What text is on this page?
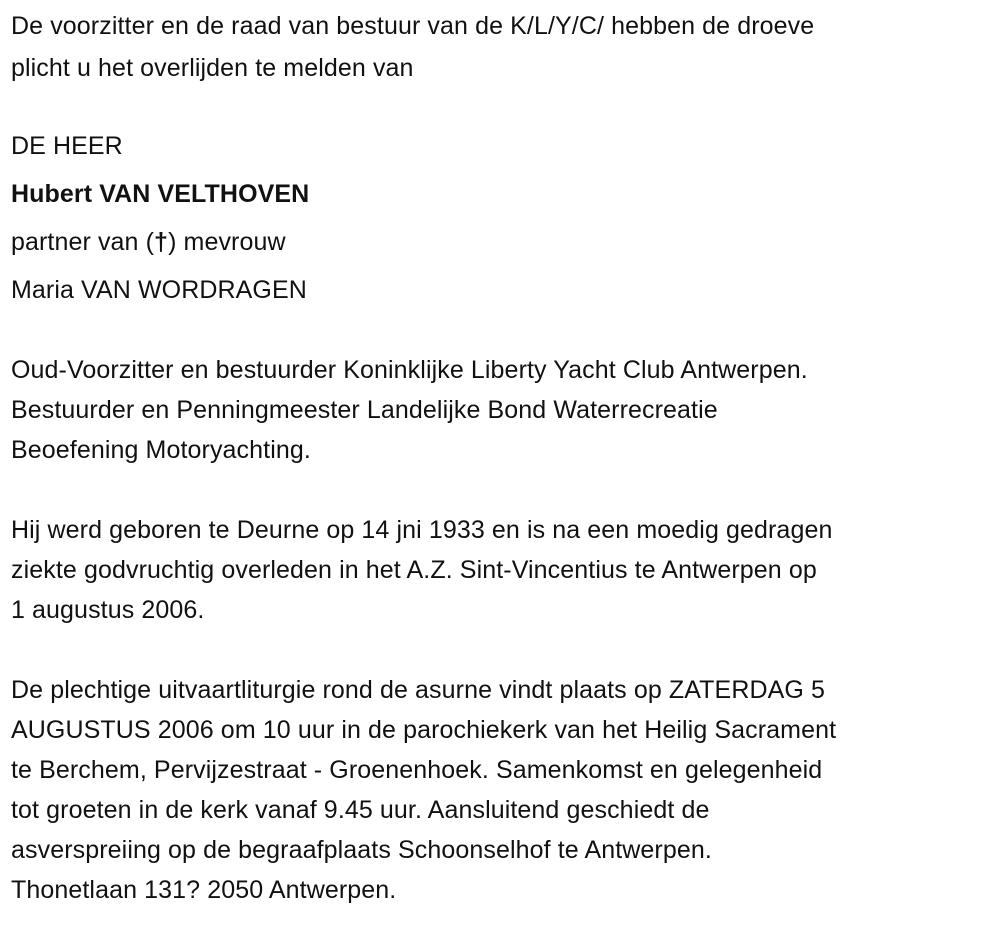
De voorzitter en de raad van bestuur van de K/L/Y/C/ hebben de droeve
plicht u het overlijden te melden van
DE HEER
Hubert VAN VELTHOVEN
partner van (†) mevrouw
Maria VAN WORDRAGEN
Oud-Voorzitter en bestuurder Koninklijke Liberty Yacht Club Antwerpen.
Bestuurder en Penningmeester Landelijke Bond Waterrecreatie
Beoefening Motoryachting.
Hij werd geboren te Deurne op 14 jni 1933 en is na een moedig gedragen
ziekte godvruchtig overleden in het A.Z. Sint-Vincentius te Antwerpen op
1 augustus 2006.
De plechtige uitvaartliturgie rond de asurne vindt plaats op ZATERDAG 5
AUGUSTUS 2006 om 10 uur in de parochiekerk van het Heilig Sacrament
te Berchem, Pervijzestraat - Groenenhoek. Samenkomst en gelegenheid
tot groeten in de kerk vanaf 9.45 uur. Aansluitend geschiedt de
asverspreiing op de begraafplaats Schoonselhof te Antwerpen.
Thonetlaan 131? 2050 Antwerpen.
